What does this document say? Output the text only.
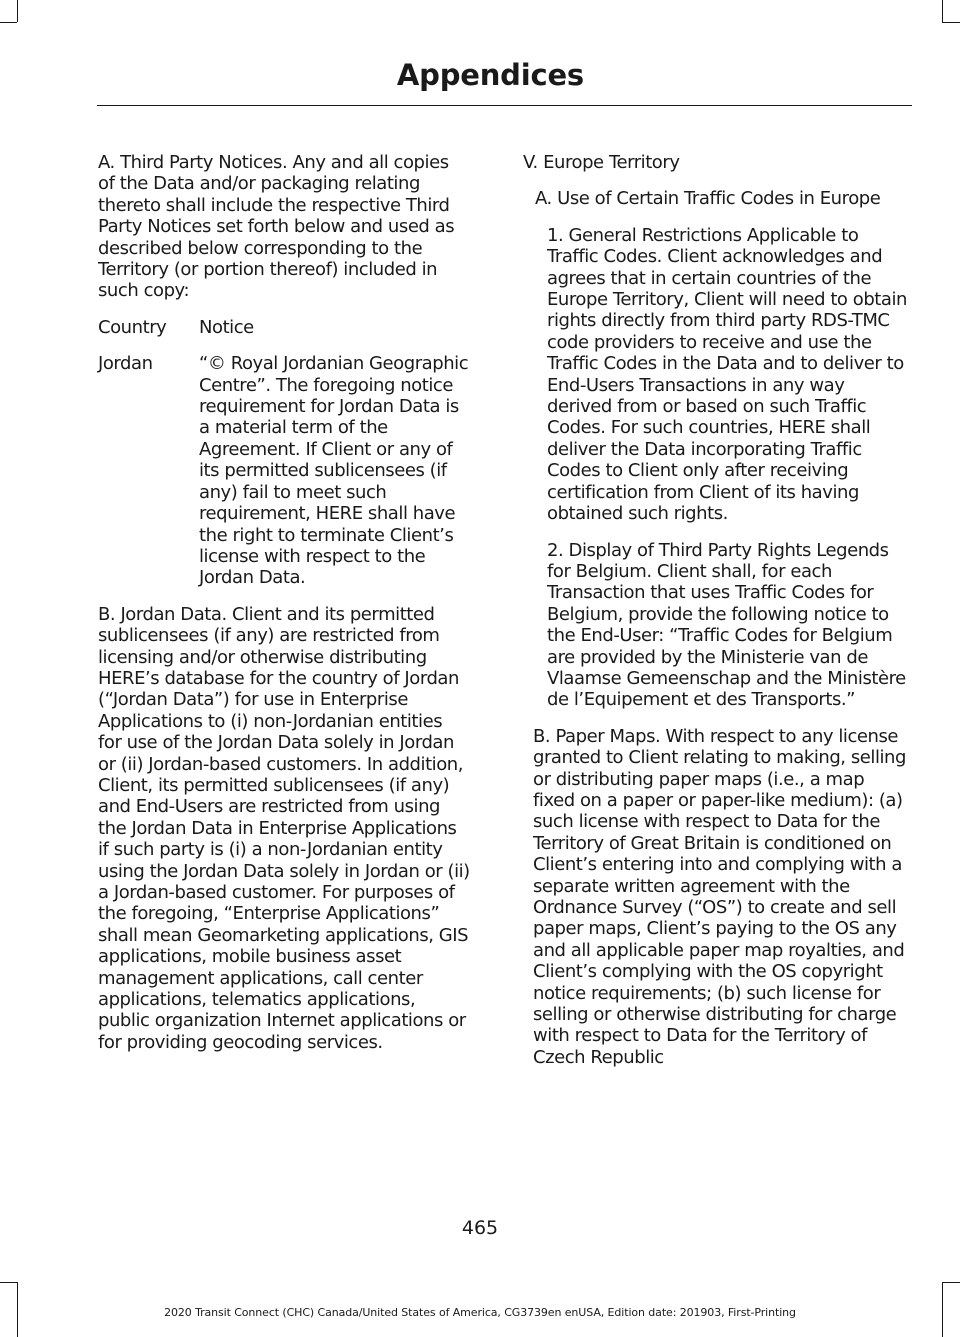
Appendices

A. Third Party Notices. Any and all copies of the Data and/or packaging relating thereto shall include the respective Third Party Notices set forth below and used as described below corresponding to the Territory (or portion thereof) included in such copy:

Country	Notice
Jordan	“© Royal Jordanian Geographic Centre”. The foregoing notice requirement for Jordan Data is a material term of the Agreement. If Client or any of its permitted sublicensees (if any) fail to meet such requirement, HERE shall have the right to terminate Client’s license with respect to the Jordan Data.

B. Jordan Data. Client and its permitted sublicensees (if any) are restricted from licensing and/or otherwise distributing HERE’s database for the country of Jordan (“Jordan Data”) for use in Enterprise Applications to (i) non-Jordanian entities for use of the Jordan Data solely in Jordan or (ii) Jordan-based customers. In addition, Client, its permitted sublicensees (if any) and End-Users are restricted from using the Jordan Data in Enterprise Applications if such party is (i) a non-Jordanian entity using the Jordan Data solely in Jordan or (ii) a Jordan-based customer. For purposes of the foregoing, “Enterprise Applications” shall mean Geomarketing applications, GIS applications, mobile business asset management applications, call center applications, telematics applications, public organization Internet applications or for providing geocoding services.

V. Europe Territory

A. Use of Certain Traffic Codes in Europe

1. General Restrictions Applicable to Traffic Codes. Client acknowledges and agrees that in certain countries of the Europe Territory, Client will need to obtain rights directly from third party RDS-TMC code providers to receive and use the Traffic Codes in the Data and to deliver to End-Users Transactions in any way derived from or based on such Traffic Codes. For such countries, HERE shall deliver the Data incorporating Traffic Codes to Client only after receiving certification from Client of its having obtained such rights.

2. Display of Third Party Rights Legends for Belgium. Client shall, for each Transaction that uses Traffic Codes for Belgium, provide the following notice to the End-User: “Traffic Codes for Belgium are provided by the Ministerie van de Vlaamse Gemeenschap and the Ministère de l’Equipement et des Transports.”

B. Paper Maps. With respect to any license granted to Client relating to making, selling or distributing paper maps (i.e., a map fixed on a paper or paper-like medium): (a) such license with respect to Data for the Territory of Great Britain is conditioned on Client’s entering into and complying with a separate written agreement with the Ordnance Survey (“OS”) to create and sell paper maps, Client’s paying to the OS any and all applicable paper map royalties, and Client’s complying with the OS copyright notice requirements; (b) such license for selling or otherwise distributing for charge with respect to Data for the Territory of Czech Republic

465
2020 Transit Connect (CHC) Canada/United States of America, CG3739en enUSA, Edition date: 201903, First-Printing
